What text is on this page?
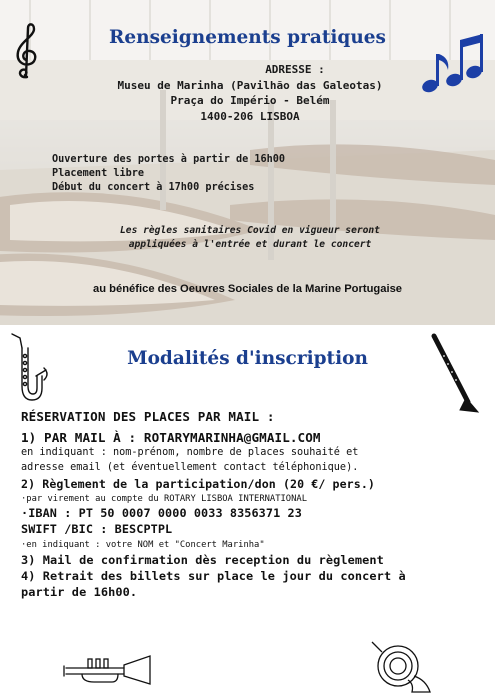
Renseignements pratiques
ADRESSE :
Museu de Marinha (Pavilhão das Galeotas)
Praça do Império - Belém
1400-206 LISBOA
Ouverture des portes à partir de 16h00
Placement libre
Début du concert à 17h00 précises
Les règles sanitaires Covid en vigueur seront
appliquées à l'entrée et durant le concert
au bénéfice des Oeuvres Sociales de la Marine Portugaise
Modalités d'inscription
RÉSERVATION DES PLACES PAR MAIL :
1) PAR MAIL À : ROTARYMARINHA@GMAIL.COM
en indiquant : nom-prénom, nombre de places souhaité et
adresse email (et éventuellement contact téléphonique).
2) Règlement de la participation/don (20 €/ pers.)
·par virement au compte du ROTARY LISBOA INTERNATIONAL
·IBAN : PT 50 0007 0000 0033 8356371 23
SWIFT /BIC : BESCPTPL
·en indiquant : votre NOM et "Concert Marinha"
3) Mail de confirmation dès reception du règlement
4) Retrait des billets sur place le jour du concert à
partir de 16h00.
